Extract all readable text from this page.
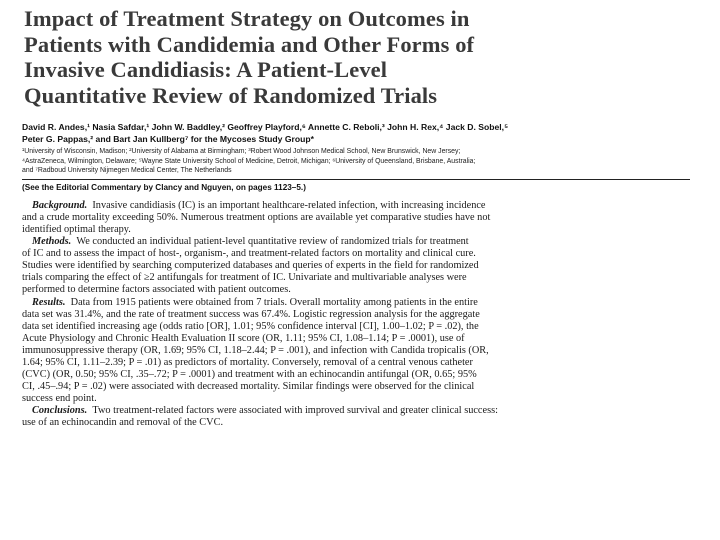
Impact of Treatment Strategy on Outcomes in
Patients with Candidemia and Other Forms of
Invasive Candidiasis: A Patient-Level
Quantitative Review of Randomized Trials
David R. Andes,¹ Nasia Safdar,¹ John W. Baddley,² Geoffrey Playford,⁶ Annette C. Reboli,³ John H. Rex,⁴ Jack D. Sobel,⁵
Peter G. Pappas,² and Bart Jan Kullberg⁷ for the Mycoses Study Group*
¹University of Wisconsin, Madison; ²University of Alabama at Birmingham; ³Robert Wood Johnson Medical School, New Brunswick, New Jersey;
⁴AstraZeneca, Wilmington, Delaware; ⁵Wayne State University School of Medicine, Detroit, Michigan; ⁶University of Queensland, Brisbane, Australia;
and ⁷Radboud University Nijmegen Medical Center, The Netherlands
(See the Editorial Commentary by Clancy and Nguyen, on pages 1123–5.)

Background. Invasive candidiasis (IC) is an important healthcare-related infection, with increasing incidence
and a crude mortality exceeding 50%. Numerous treatment options are available yet comparative studies have not
identified optimal therapy.

Methods. We conducted an individual patient-level quantitative review of randomized trials for treatment
of IC and to assess the impact of host-, organism-, and treatment-related factors on mortality and clinical cure.
Studies were identified by searching computerized databases and queries of experts in the field for randomized
trials comparing the effect of ≥2 antifungals for treatment of IC. Univariate and multivariable analyses were
performed to determine factors associated with patient outcomes.

Results. Data from 1915 patients were obtained from 7 trials. Overall mortality among patients in the entire
data set was 31.4%, and the rate of treatment success was 67.4%. Logistic regression analysis for the aggregate
data set identified increasing age (odds ratio [OR], 1.01; 95% confidence interval [CI], 1.00–1.02; P = .02), the
Acute Physiology and Chronic Health Evaluation II score (OR, 1.11; 95% CI, 1.08–1.14; P = .0001), use of
immunosuppressive therapy (OR, 1.69; 95% CI, 1.18–2.44; P = .001), and infection with Candida tropicalis (OR,
1.64; 95% CI, 1.11–2.39; P = .01) as predictors of mortality. Conversely, removal of a central venous catheter
(CVC) (OR, 0.50; 95% CI, .35–.72; P = .0001) and treatment with an echinocandin antifungal (OR, 0.65; 95%
CI, .45–.94; P = .02) were associated with decreased mortality. Similar findings were observed for the clinical
success end point.

Conclusions. Two treatment-related factors were associated with improved survival and greater clinical success:
use of an echinocandin and removal of the CVC.
